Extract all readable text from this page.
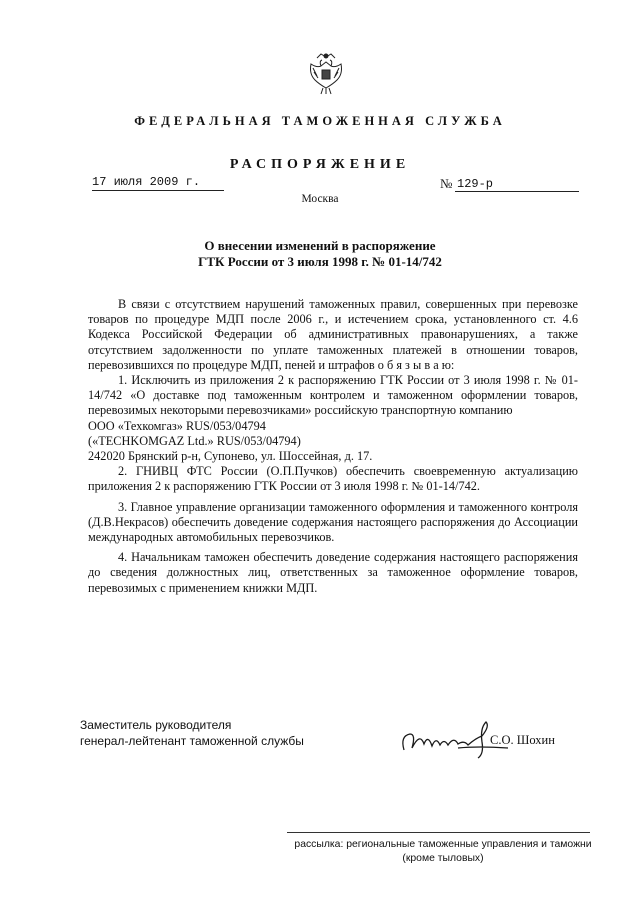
ФЕДЕРАЛЬНАЯ ТАМОЖЕННАЯ СЛУЖБА
РАСПОРЯЖЕНИЕ
17 июля 2009 г.	№ 129-р
Москва
О внесении изменений в распоряжение
ГТК России от 3 июля 1998 г. № 01-14/742

В связи с отсутствием нарушений таможенных правил, совершенных при перевозке товаров по процедуре МДП после 2006 г., и истечением срока, установленного ст. 4.6 Кодекса Российской Федерации об административных правонарушениях, а также отсутствием задолженности по уплате таможенных платежей в отношении товаров, перевозившихся по процедуре МДП, пеней и штрафов о б я з ы в а ю:

1. Исключить из приложения 2 к распоряжению ГТК России от 3 июля 1998 г. № 01-14/742 «О доставке под таможенным контролем и таможенном оформлении товаров, перевозимых некоторыми перевозчиками» российскую транспортную компанию

ООО «Техкомгаз» RUS/053/04794

(«TECHKOMGAZ Ltd.» RUS/053/04794)

242020 Брянский р-н, Супонево, ул. Шоссейная, д. 17.

2. ГНИВЦ ФТС России (О.П.Пучков) обеспечить своевременную актуализацию приложения 2 к распоряжению ГТК России от 3 июля 1998 г. № 01-14/742.

3. Главное управление организации таможенного оформления и таможенного контроля (Д.В.Некрасов) обеспечить доведение содержания настоящего распоряжения до Ассоциации международных автомобильных перевозчиков.

4. Начальникам таможен обеспечить доведение содержания настоящего распоряжения до сведения должностных лиц, ответственных за таможенное оформление товаров, перевозимых с применением книжки МДП.

Заместитель руководителя
генерал-лейтенант таможенной службы	С.О. Шохин
рассылка: региональные таможенные управления и таможни
(кроме тыловых)
